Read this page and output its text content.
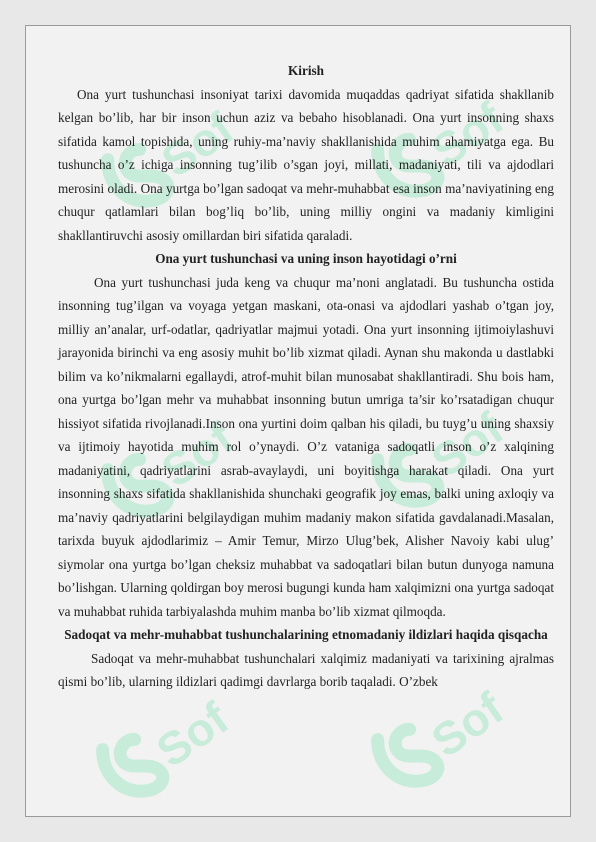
Sof	Sof
Sof	Sof
Sof	Sof

Kirish

Ona yurt tushunchasi insoniyat tarixi davomida muqaddas qadriyat sifatida shakllanib kelgan bo’lib, har bir inson uchun aziz va bebaho hisoblanadi. Ona yurt insonning shaxs sifatida kamol topishida, uning ruhiy-ma’naviy shakllanishida muhim ahamiyatga ega. Bu tushuncha o’z ichiga insonning tug’ilib o’sgan joyi, millati, madaniyati, tili va ajdodlari merosini oladi. Ona yurtga bo’lgan sadoqat va mehr-muhabbat esa inson ma’naviyatining eng chuqur qatlamlari bilan bog’liq bo’lib, uning milliy ongini va madaniy kimligini shakllantiruvchi asosiy omillardan biri sifatida qaraladi.

Ona yurt tushunchasi va uning inson hayotidagi o’rni

Ona yurt tushunchasi juda keng va chuqur ma’noni anglatadi. Bu tushuncha ostida insonning tug’ilgan va voyaga yetgan maskani, ota-onasi va ajdodlari yashab o’tgan joy, milliy an’analar, urf-odatlar, qadriyatlar majmui yotadi. Ona yurt insonning ijtimoiylashuvi jarayonida birinchi va eng asosiy muhit bo’lib xizmat qiladi. Aynan shu makonda u dastlabki bilim va ko’nikmalarni egallaydi, atrof-muhit bilan munosabat shakllantiradi. Shu bois ham, ona yurtga bo’lgan mehr va muhabbat insonning butun umriga ta’sir ko’rsatadigan chuqur hissiyot sifatida rivojlanadi.Inson ona yurtini doim qalban his qiladi, bu tuyg’u uning shaxsiy va ijtimoiy hayotida muhim rol o’ynaydi. O’z vataniga sadoqatli inson o’z xalqining madaniyatini, qadriyatlarini asrab-avaylaydi, uni boyitishga harakat qiladi. Ona yurt insonning shaxs sifatida shakllanishida shunchaki geografik joy emas, balki uning axloqiy va ma’naviy qadriyatlarini belgilaydigan muhim madaniy makon sifatida gavdalanadi.Masalan, tarixda buyuk ajdodlarimiz – Amir Temur, Mirzo Ulug’bek, Alisher Navoiy kabi ulug’ siymolar ona yurtga bo’lgan cheksiz muhabbat va sadoqatlari bilan butun dunyoga namuna bo’lishgan. Ularning qoldirgan boy merosi bugungi kunda ham xalqimizni ona yurtga sadoqat va muhabbat ruhida tarbiyalashda muhim manba bo’lib xizmat qilmoqda.

Sadoqat va mehr-muhabbat tushunchalarining etnomadaniy ildizlari haqida qisqacha

Sadoqat va mehr-muhabbat tushunchalari xalqimiz madaniyati va tarixining ajralmas qismi bo’lib, ularning ildizlari qadimgi davrlarga borib taqaladi. O’zbek
